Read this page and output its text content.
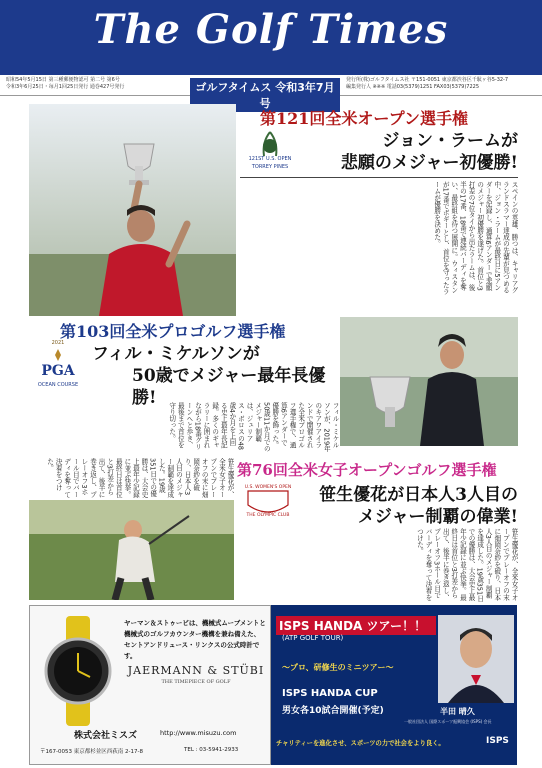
The Golf Times
昭和54年5月15日 第三種郵便物認可 第二号 第6号
令和3年6月25日・毎月1回25日発行 通巻427号発行	ゴルフタイムス 令和3年7月号
発行所(株)ゴルフタイムス社 〒151-0051 東京都渋谷区千駄ヶ谷5-32-7
編集発行人 ※※※ 電話03(5379)1251 FAX03(5379)7225
第121回全米オープン選手権
121ST U.S. OPEN
TORREY PINES
ジョン・ラームが
悲願のメジャー初優勝!
スペインの英雄、勝つは、キャリアグランドスラマー達成の先輩が見つめる中、ジョン・ラームが最終日に5アンダーを記録し、通算6アンダーで悲願のメジャー初優勝を遂げた。首位と3打差の7位タイから出たラームは、後半の17番、18番で連続バーディを奪い、最終組を待つ展開に。ウィスタンが17番でボギーとし、首位を守ったラームが優勝を決めた。
第103回全米プロゴルフ選手権
2021
PGA
OCEAN COURSE
フィル・ミケルソンが
50歳でメジャー最年長優勝!
フィル・ミケルソンが、2019年のキアワアイランドで開催された全米プロゴルフ選手権で、通算6アンダーで優勝を飾った。50歳11か月でのメジャー制覇は、ジュリアス・ボロスの48歳4か月を上回る史上最年長記録。多くのギャラリーに囲まれながら18番グリーンへと歩き、最後まで首位を守り切った。
第76回全米女子オープンゴルフ選手権
U.S. WOMEN'S OPEN
THE OLYMPIC CLUB
笹生優花が日本人3人目の
メジャー制覇の偉業!
笹生優花が、全米女子オープンでプレーオフの末に畑岡奈紗を破り、日本人3人目のメジャー制覇を達成した。19歳351日での優勝は、大会史上最年少記録に並ぶ快挙。最終日は首位と3打差から出て、後半に巻き返し、プレーオフ3ホール目でバーディを奪って決着をつけた。
笹生優花が、全米女子オープンでプレーオフの末に畑岡奈紗を破り、日本人3人目のメジャー制覇を達成した。19歳351日での優勝は、大会史上最年少記録に並ぶ快挙。最終日は首位と3打差から出て、後半に巻き返し、プレーオフ3ホール目でバーディを奪って決着をつけた。
ヤーマン＆ストゥービは、機械式ムーブメントと
機械式のゴルフカウンター機構を兼ね備えた、
セントアンドリュース・リンクスの公式時計です。
JAERMANN & STÜBI
THE TIMEPIECE OF GOLF
株式会社ミスズ	http://www.misuzu.com
〒167-0053 東京都杉並区西荻南 2-17-8	TEL : 03-5941-2933
ISPS HANDA ツアー！！
(ATP GOLF TOUR)
～プロ、研修生のミニツアー～
ISPS HANDA CUP
男女各10試合開催(予定)	半田 晴久
一般社団法人 国際スポーツ振興協会 (ISPS) 会長
チャリティーを進化させ、スポーツの力で社会をより良く。	ISPS
